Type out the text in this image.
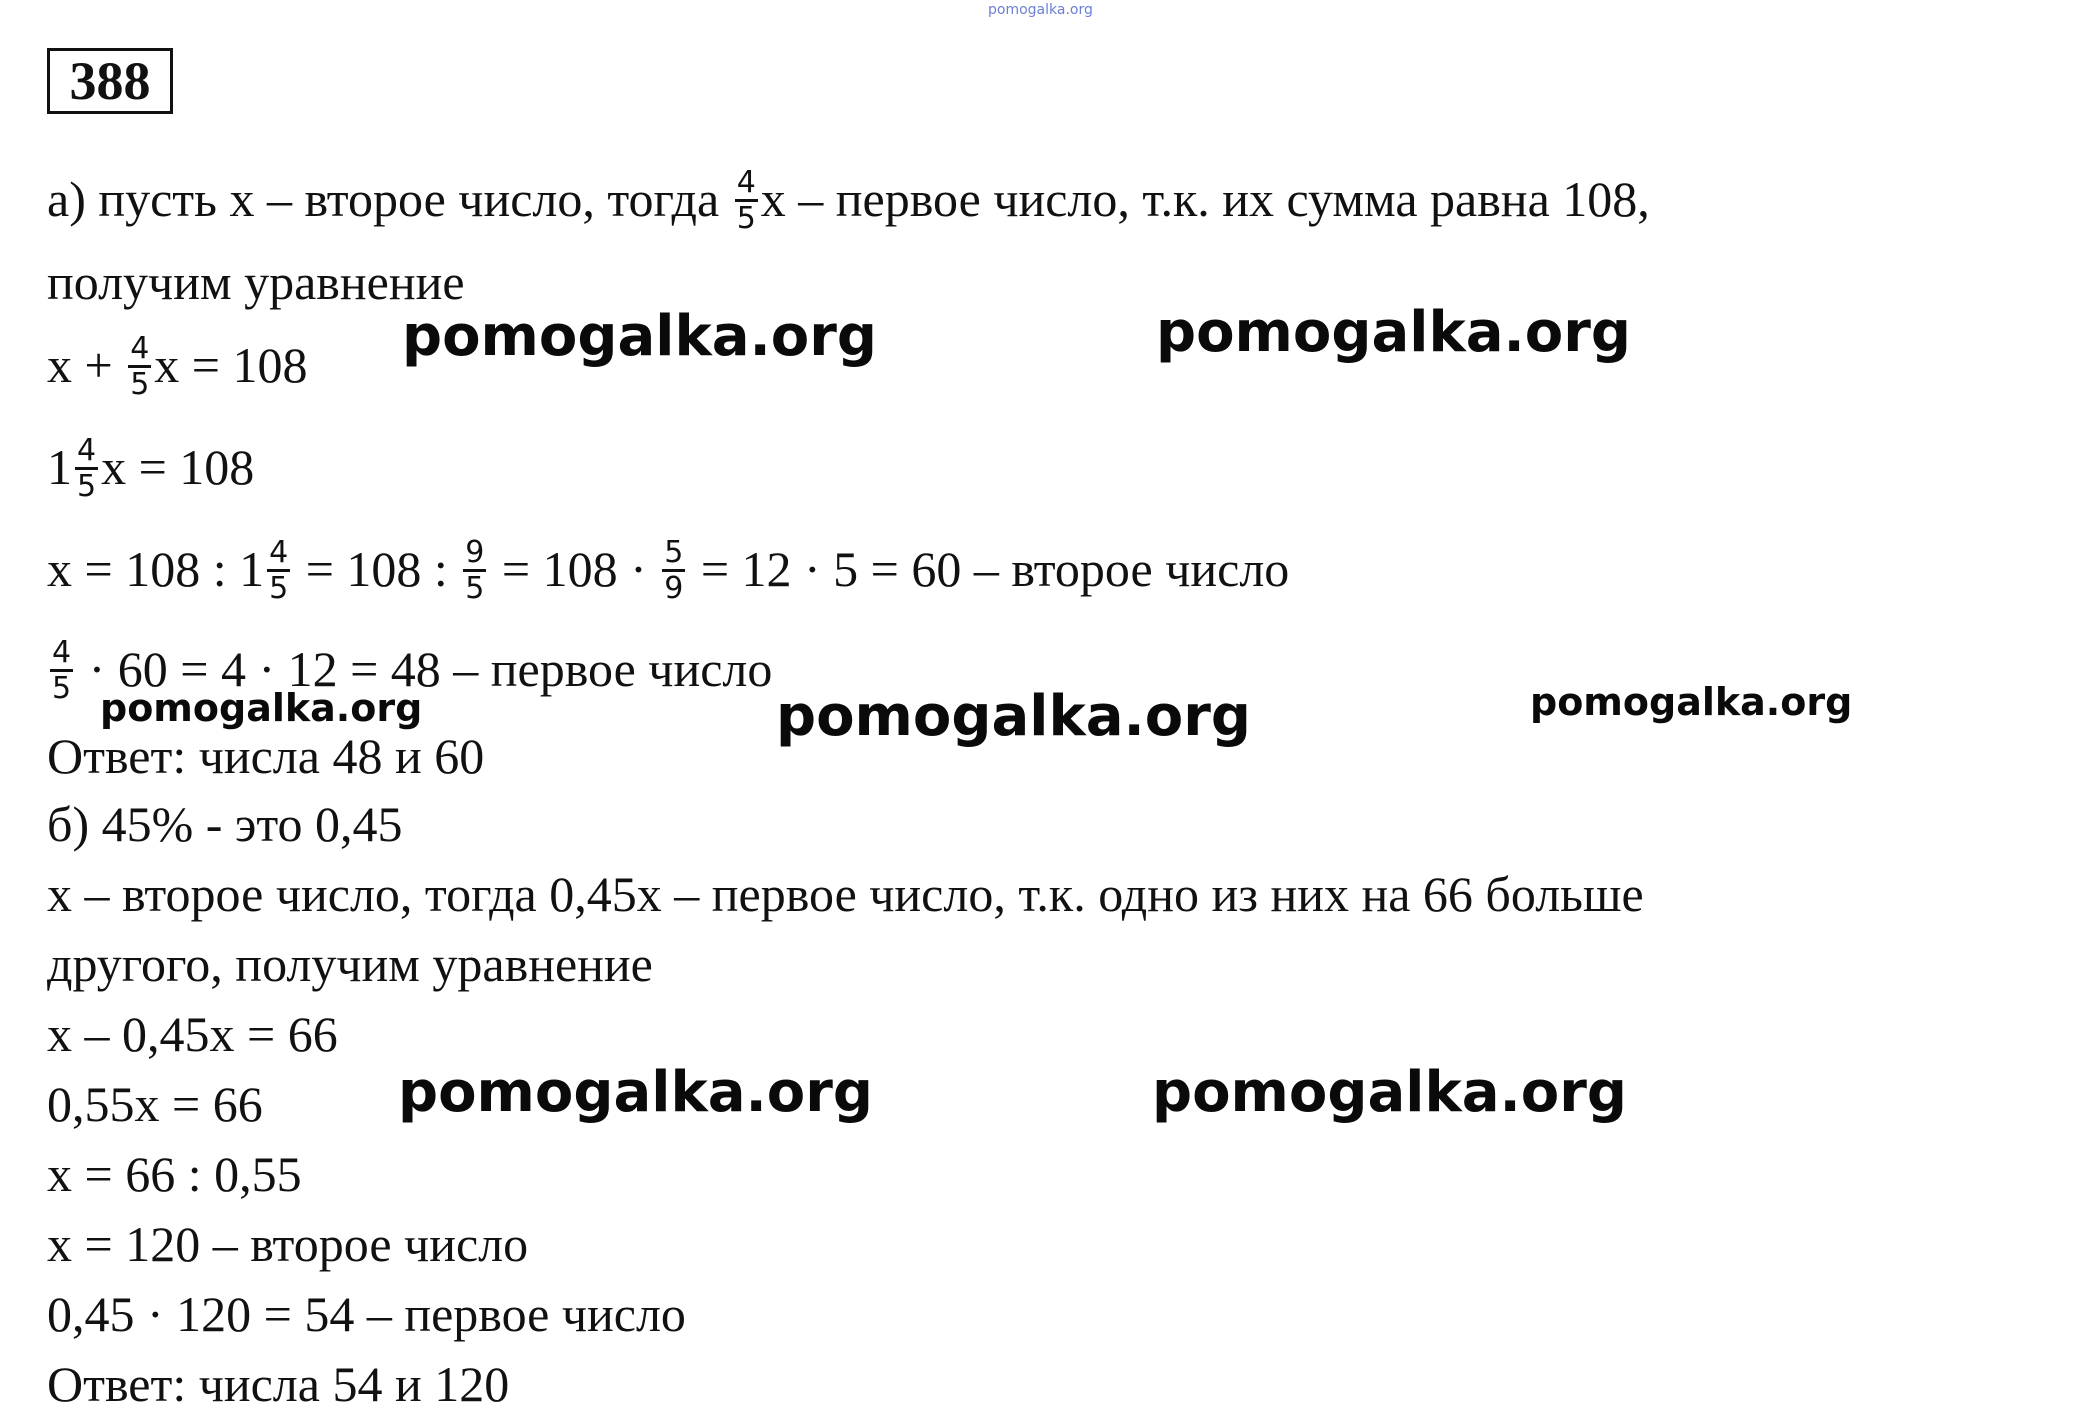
pomogalka.org
388
а) пусть x – второе число, тогда $\frac{4}{5}$ x – первое число, т.к. их сумма равна 108,
получим уравнение
$x + \frac{4}{5}$ x = 108
$1 \frac{4}{5}$ x = 108
x = 108 : $1 \frac{4}{5} = 108$ : $\frac{9}{5} = 108 \cdot \frac{5}{9} = 12 \cdot 5 = 60$ – второе число
$\frac{4}{5} \cdot 60 = 4 \cdot 12 = 48$ – первое число
Ответ: числа 48 и 60
б) 45% - это 0,45
x – второе число, тогда 0,45x – первое число, т.к. одно из них на 66 больше
другого, получим уравнение
x – 0,45x = 66
0,55x = 66
x = 66 : 0,55
x = 120 – второе число
0,45 · 120 = 54 – первое число
Ответ: числа 54 и 120
pomogalka.org	pomogalka.org
pomogalka.org	pomogalka.org	pomogalka.org
pomogalka.org	pomogalka.org
